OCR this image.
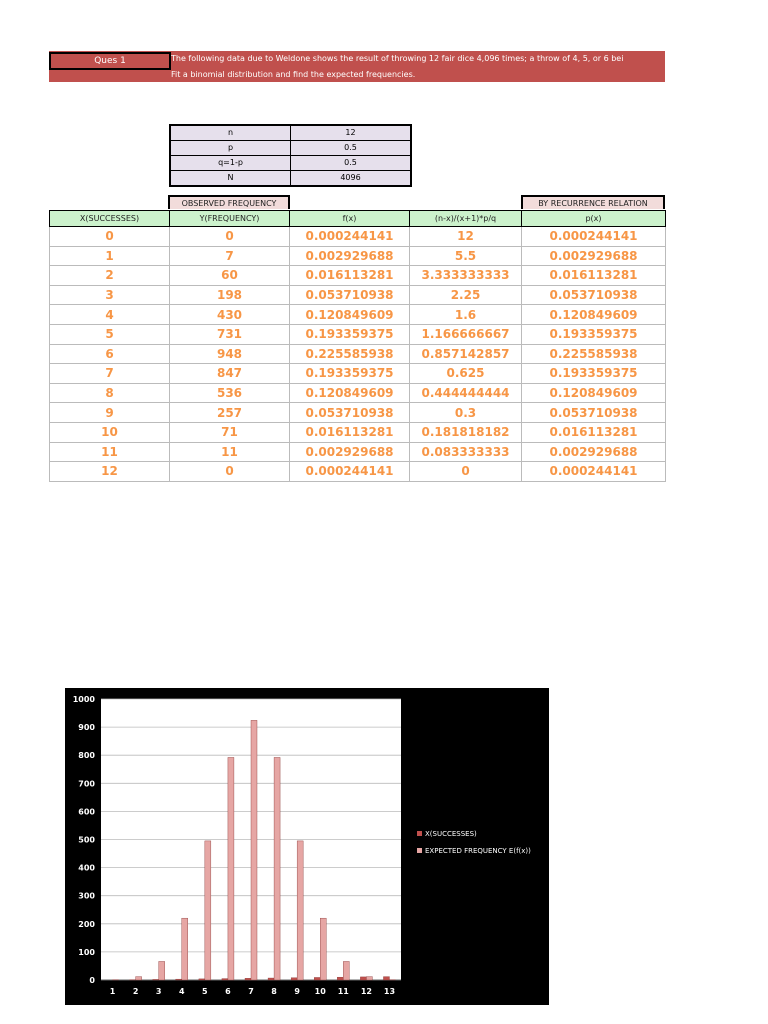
Ques 1	The following data due to Weldone shows the result of throwing 12 fair dice 4,096 times; a throw of 4, 5, or 6 bei
Fit a binomial distribution and find the expected frequencies.
n	12
p	0.5
q=1-p	0.5
N	4096
OBSERVED FREQUENCY	BY RECURRENCE RELATION
X(SUCCESSES)	Y(FREQUENCY)	f(x)	(n-x)/(x+1)*p/q	p(x)
0	0	0.000244141	12	0.000244141
1	7	0.002929688	5.5	0.002929688
2	60	0.016113281	3.333333333	0.016113281
3	198	0.053710938	2.25	0.053710938
4	430	0.120849609	1.6	0.120849609
5	731	0.193359375	1.166666667	0.193359375
6	948	0.225585938	0.857142857	0.225585938
7	847	0.193359375	0.625	0.193359375
8	536	0.120849609	0.444444444	0.120849609
9	257	0.053710938	0.3	0.053710938
10	71	0.016113281	0.181818182	0.016113281
11	11	0.002929688	0.083333333	0.002929688
12	0	0.000244141	0	0.000244141
0
100
200
300
400
500
600
700
800
900
1000
1 2 3 4 5 6 7 8 9 10 11 12 13
X(SUCCESSES)
EXPECTED FREQUENCY E(f(x))
